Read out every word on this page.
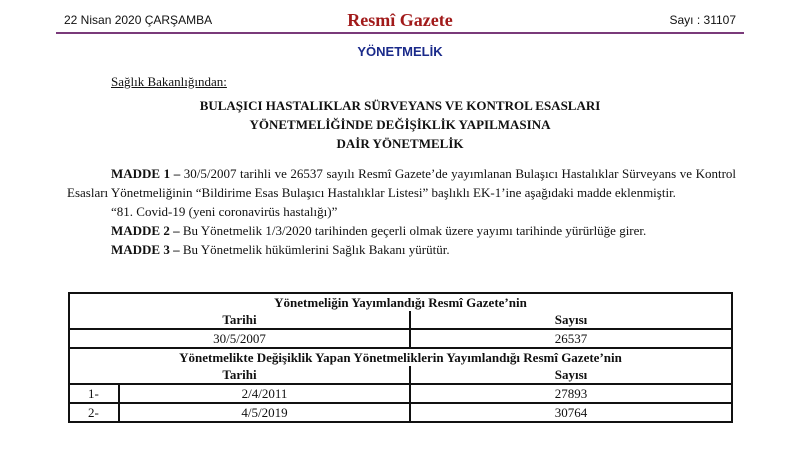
22 Nisan 2020 ÇARŞAMBA	Resmî Gazete	Sayı : 31107
YÖNETMELİK
Sağlık Bakanlığından:
BULAŞICI HASTALIKLAR SÜRVEYANS VE KONTROL ESASLARI
YÖNETMELİĞİNDE DEĞİŞİKLİK YAPILMASINA
DAİR YÖNETMELİK
MADDE 1 – 30/5/2007 tarihli ve 26537 sayılı Resmî Gazete’de yayımlanan Bulaşıcı Hastalıklar Sürveyans ve Kontrol Esasları Yönetmeliğinin “Bildirime Esas Bulaşıcı Hastalıklar Listesi” başlıklı EK-1’ine aşağıdaki madde eklenmiştir.
“81. Covid-19 (yeni coronavirüs hastalığı)”
MADDE 2 – Bu Yönetmelik 1/3/2020 tarihinden geçerli olmak üzere yayımı tarihinde yürürlüğe girer.
MADDE 3 – Bu Yönetmelik hükümlerini Sağlık Bakanı yürütür.
Yönetmeliğin Yayımlandığı Resmî Gazete’nin		
Tarihi		Sayısı
30/5/2007		26537
Yönetmelikte Değişiklik Yapan Yönetmeliklerin Yayımlandığı Resmî Gazete’nin		
Tarihi		Sayısı
1-	2/4/2011	27893
2-	4/5/2019	30764
